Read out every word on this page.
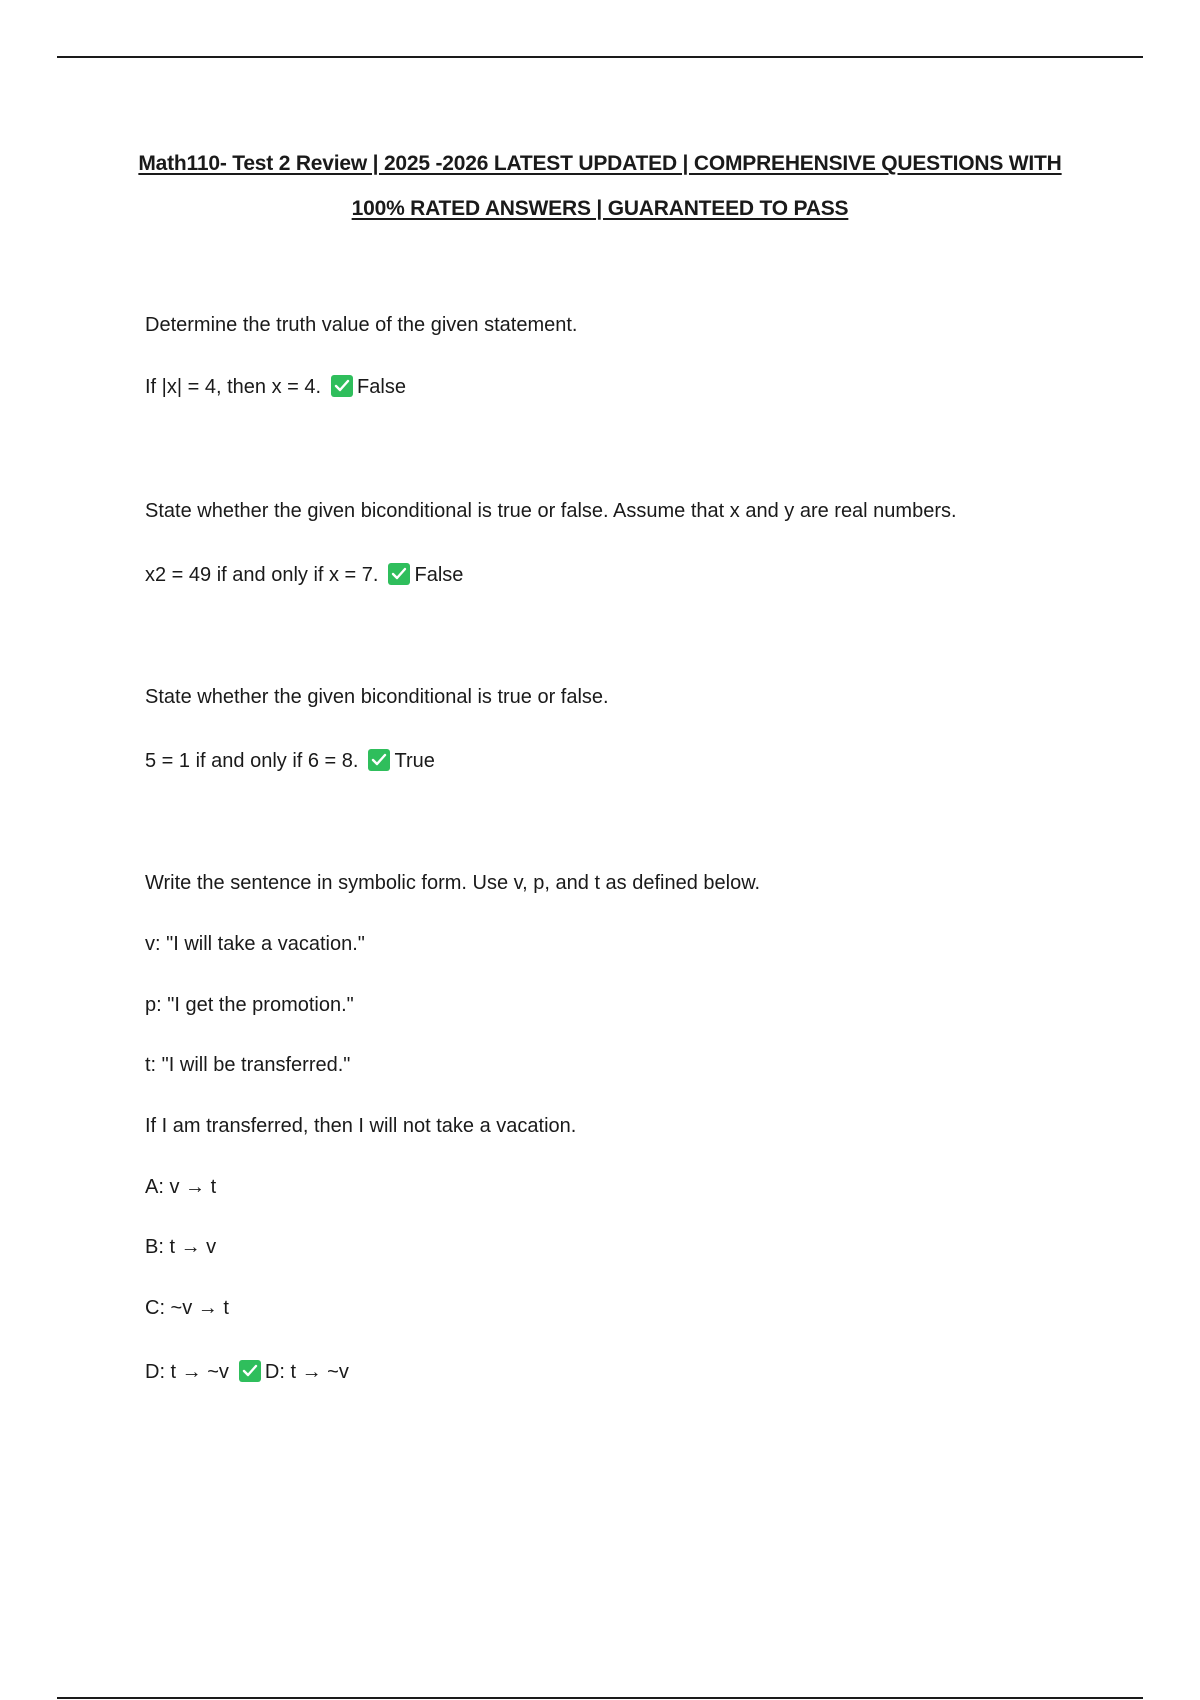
Math110- Test 2 Review | 2025 -2026 LATEST UPDATED | COMPREHENSIVE QUESTIONS WITH
100% RATED ANSWERS | GUARANTEED TO PASS
Determine the truth value of the given statement.
If |x| = 4, then x = 4. False
State whether the given biconditional is true or false. Assume that x and y are real numbers.
x2 = 49 if and only if x = 7. False
State whether the given biconditional is true or false.
5 = 1 if and only if 6 = 8. True
Write the sentence in symbolic form. Use v, p, and t as defined below.
v: "I will take a vacation."
p: "I get the promotion."
t: "I will be transferred."
If I am transferred, then I will not take a vacation.
A: v → t
B: t → v
C: ~v → t
D: t → ~v D: t → ~v
